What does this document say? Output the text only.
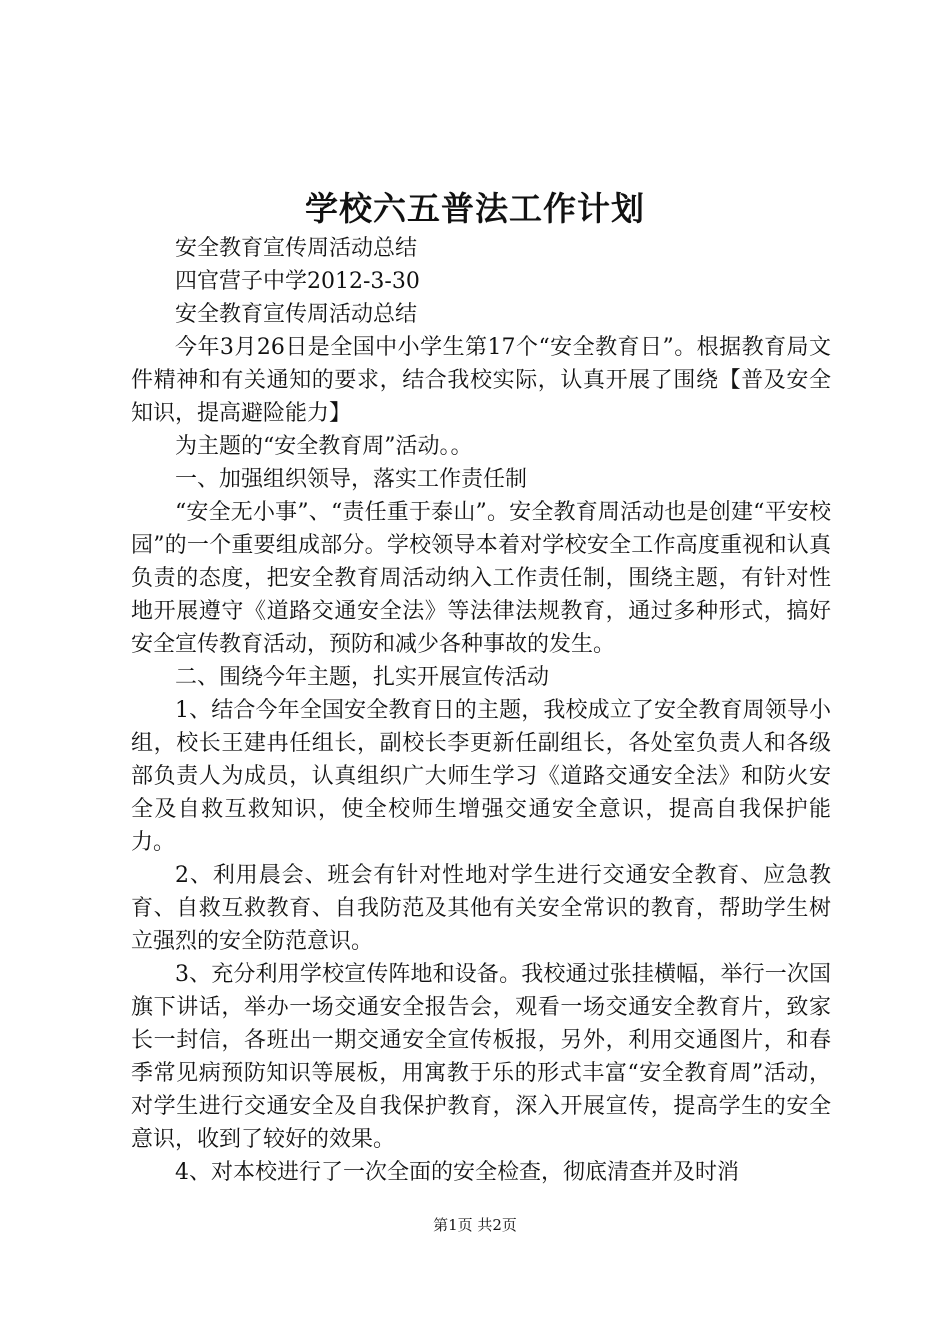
学校六五普法工作计划

安全教育宣传周活动总结

四官营子中学2012-3-30

安全教育宣传周活动总结

今年3月26日是全国中小学生第17个“安全教育日”。根据教育局文件精神和有关通知的要求，结合我校实际，认真开展了围绕【普及安全知识，提高避险能力】

为主题的“安全教育周”活动。。

一、加强组织领导，落实工作责任制

“安全无小事”、“责任重于泰山”。安全教育周活动也是创建“平安校园”的一个重要组成部分。学校领导本着对学校安全工作高度重视和认真负责的态度，把安全教育周活动纳入工作责任制，围绕主题，有针对性地开展遵守《道路交通安全法》等法律法规教育，通过多种形式，搞好安全宣传教育活动，预防和减少各种事故的发生。

二、围绕今年主题，扎实开展宣传活动

1、结合今年全国安全教育日的主题，我校成立了安全教育周领导小组，校长王建冉任组长，副校长李更新任副组长，各处室负责人和各级部负责人为成员，认真组织广大师生学习《道路交通安全法》和防火安全及自救互救知识，使全校师生增强交通安全意识，提高自我保护能力。

2、利用晨会、班会有针对性地对学生进行交通安全教育、应急教育、自救互救教育、自我防范及其他有关安全常识的教育，帮助学生树立强烈的安全防范意识。

3、充分利用学校宣传阵地和设备。我校通过张挂横幅，举行一次国旗下讲话，举办一场交通安全报告会，观看一场交通安全教育片，致家长一封信，各班出一期交通安全宣传板报，另外，利用交通图片，和春季常见病预防知识等展板，用寓教于乐的形式丰富“安全教育周”活动，对学生进行交通安全及自我保护教育，深入开展宣传，提高学生的安全意识，收到了较好的效果。

4、对本校进行了一次全面的安全检查，彻底清查并及时消

第1页 共2页
